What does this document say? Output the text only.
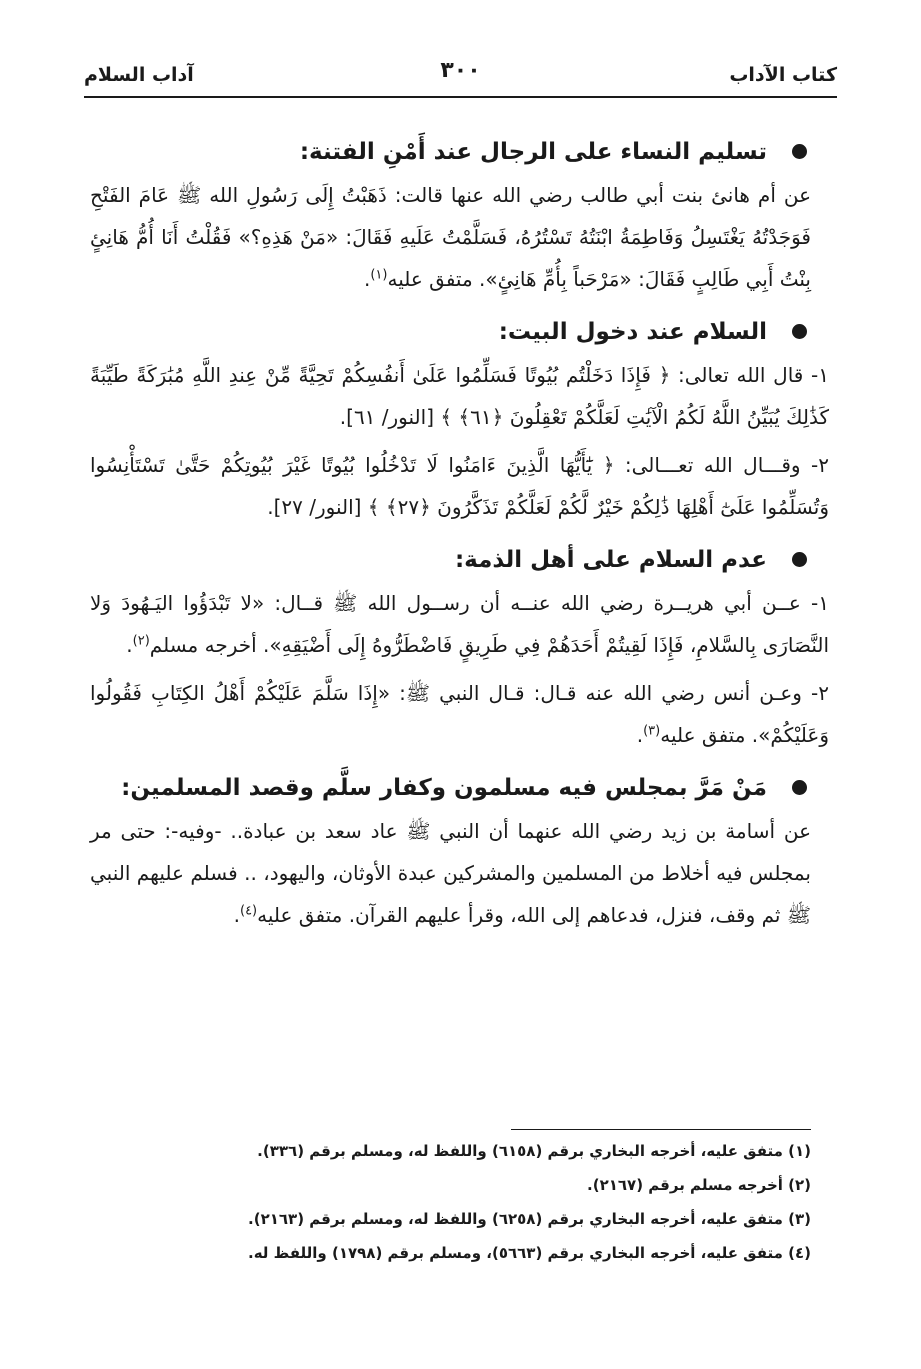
كتاب الآداب
٣٠٠
آداب السلام
تسليم النساء على الرجال عند أَمْنِ الفتنة:

عن أم هانئ بنت أبي طالب رضي الله عنها قالت: ذَهَبْتُ إِلَى رَسُولِ الله ﷺ عَامَ الفَتْحِ فَوَجَدْتُهُ يَغْتَسِلُ وَفَاطِمَةُ ابْنَتُهُ تَسْتُرُهُ، فَسَلَّمْتُ عَلَيهِ فَقَالَ: «مَنْ هَذِهِ؟» فَقُلْتُ أَنَا أُمُّ هَانِئٍ بِنْتُ أَبِي طَالِبٍ فَقَالَ: «مَرْحَباً بِأُمِّ هَانِئٍ». متفق عليه$^{(١)}$.

السلام عند دخول البيت:

١- قال الله تعالى: ﴿ فَإِذَا دَخَلْتُم بُيُوتًا فَسَلِّمُوا عَلَىٰ أَنفُسِكُمْ تَحِيَّةً مِّنْ عِندِ اللَّهِ مُبَٰرَكَةً طَيِّبَةً كَذَٰلِكَ يُبَيِّنُ اللَّهُ لَكُمُ الْآيَٰتِ لَعَلَّكُمْ تَعْقِلُونَ ﴿٦١﴾ ﴾ [النور/ ٦١].

٢- وقـــال الله تعـــالى: ﴿ يَٰٓأَيُّهَا الَّذِينَ ءَامَنُوا لَا تَدْخُلُوا بُيُوتًا غَيْرَ بُيُوتِكُمْ حَتَّىٰ تَسْتَأْنِسُوا وَتُسَلِّمُوا عَلَىٰٓ أَهْلِهَا ذَٰلِكُمْ خَيْرٌ لَّكُمْ لَعَلَّكُمْ تَذَكَّرُونَ ﴿٢٧﴾ ﴾ [النور/ ٢٧].

عدم السلام على أهل الذمة:

١- عــن أبي هريــرة رضي الله عنــه أن رســول الله ﷺ قــال: «لا تَبْدَؤُوا اليَـهُودَ وَلا النَّصَارَى بِالسَّلامِ، فَإِذَا لَقِيتُمْ أَحَدَهُمْ فِي طَرِيقٍ فَاضْطَرُّوهُ إِلَى أَضْيَقِهِ». أخرجه مسلم$^{(٢)}$.

٢- وعـن أنس رضي الله عنه قـال: قـال النبي ﷺ: «إِذَا سَلَّمَ عَلَيْكُمْ أَهْلُ الكِتَابِ فَقُولُوا وَعَلَيْكُمْ». متفق عليه$^{(٣)}$.

مَنْ مَرَّ بمجلس فيه مسلمون وكفار سلَّم وقصد المسلمين:

عن أسامة بن زيد رضي الله عنهما أن النبي ﷺ عاد سعد بن عبادة.. -وفيه-: حتى مر بمجلس فيه أخلاط من المسلمين والمشركين عبدة الأوثان، واليهود، .. فسلم عليهم النبي ﷺ ثم وقف، فنزل، فدعاهم إلى الله، وقرأ عليهم القرآن. متفق عليه$^{(٤)}$.

(١) متفق عليه، أخرجه البخاري برقم (٦١٥٨) واللفظ له، ومسلم برقم (٣٣٦).

(٢) أخرجه مسلم برقم (٢١٦٧).

(٣) متفق عليه، أخرجه البخاري برقم (٦٢٥٨) واللفظ له، ومسلم برقم (٢١٦٣).

(٤) متفق عليه، أخرجه البخاري برقم (٥٦٦٣)، ومسلم برقم (١٧٩٨) واللفظ له.
